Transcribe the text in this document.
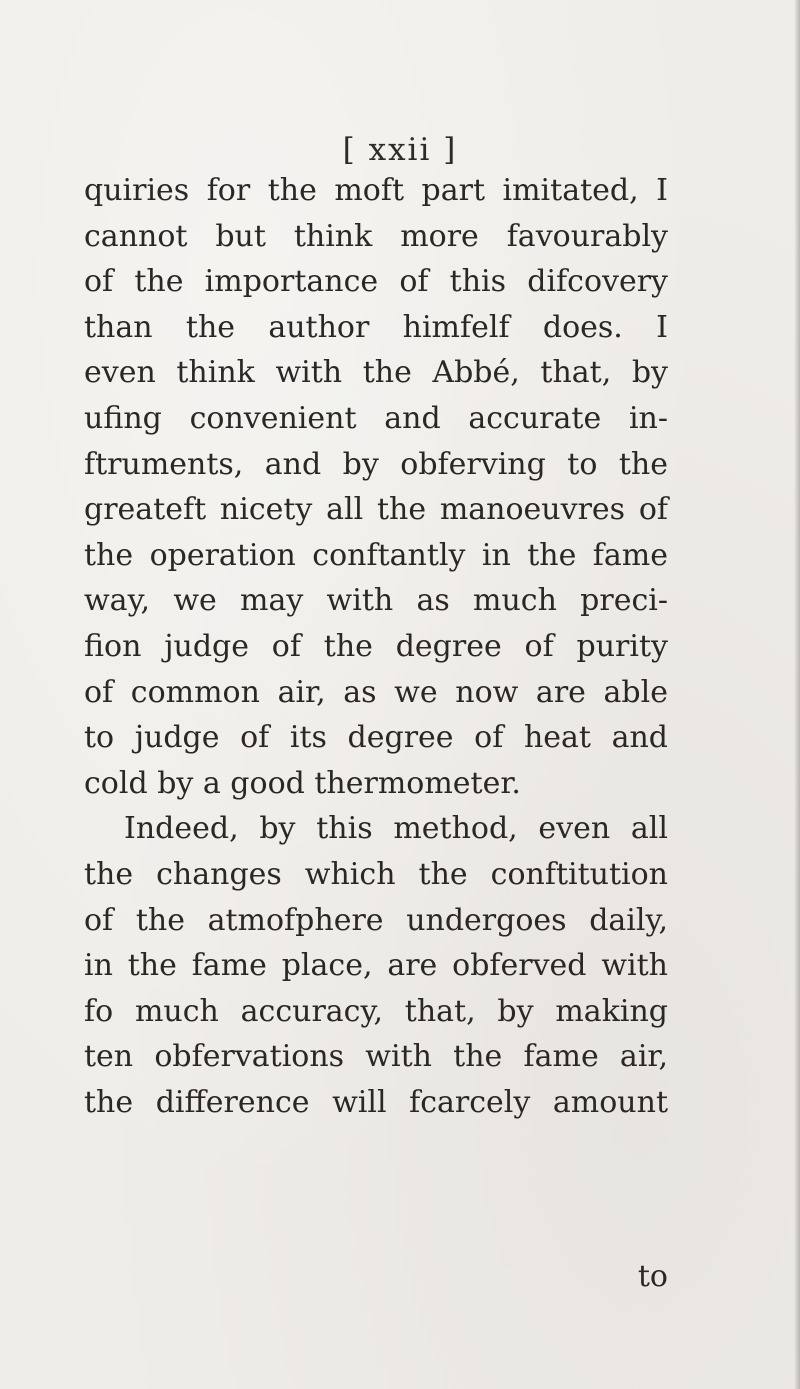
[ xxii ]
quiries for the moft part imitated, I
cannot but think more favourably
of the importance of this difcovery
than the author himfelf does. I
even think with the Abbé, that, by
ufing convenient and accurate in-
ftruments, and by obferving to the
greateft nicety all the manoeuvres of
the operation conftantly in the fame
way, we may with as much preci-
fion judge of the degree of purity
of common air, as we now are able
to judge of its degree of heat and
cold by a good thermometer.
Indeed, by this method, even all
the changes which the conftitution
of the atmofphere undergoes daily,
in the fame place, are obferved with
fo much accuracy, that, by making
ten obfervations with the fame air,
the difference will fcarcely amount
to
